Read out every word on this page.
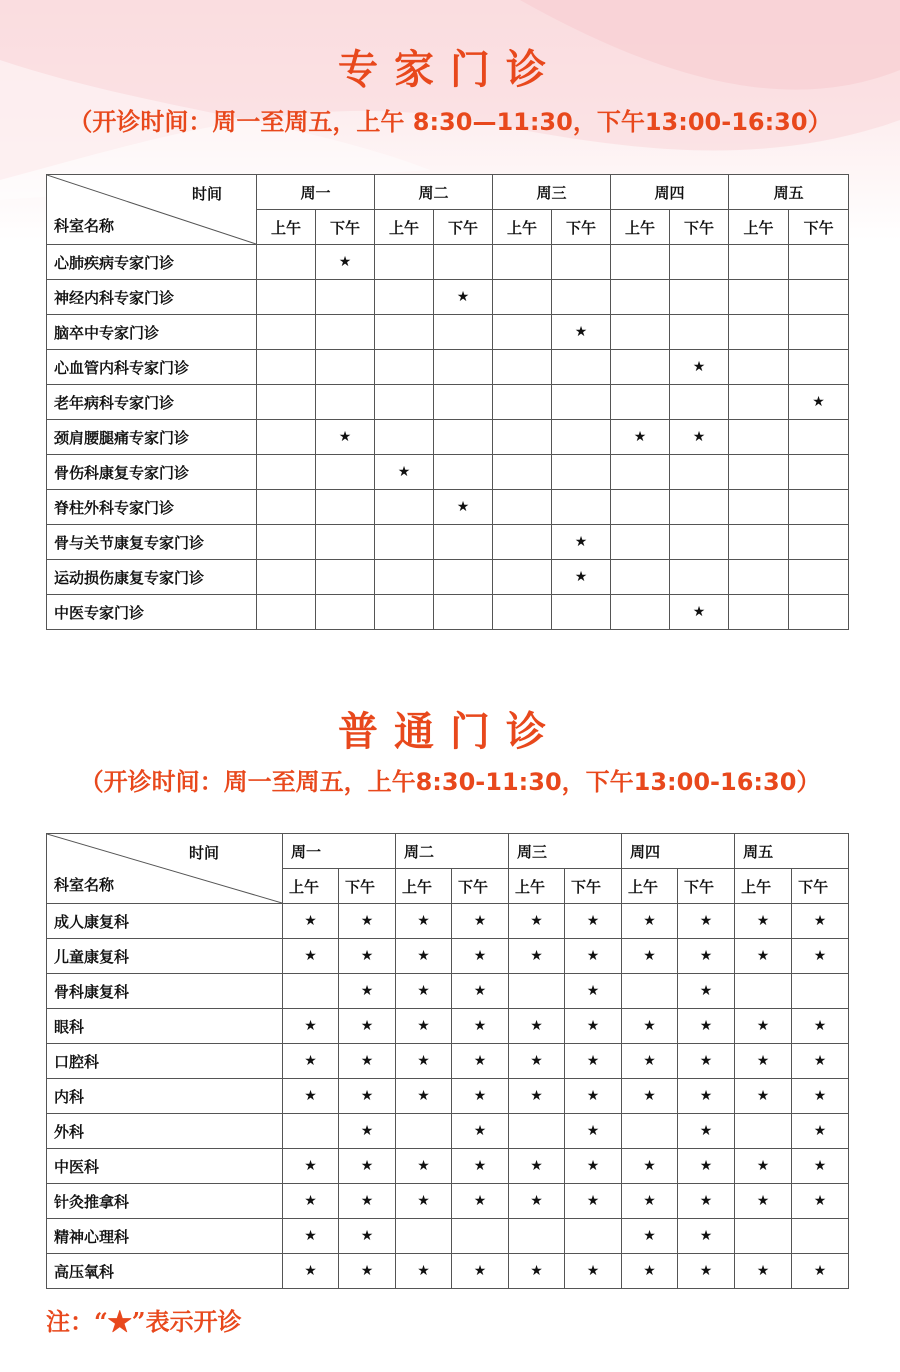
专家门诊
（开诊时间：周一至周五，上午 8:30—11:30，下午13:00-16:30）
时间
科室名称	周一		周二		周三		周四		周五	
	上午	下午	上午	下午	上午	下午	上午	下午	上午	下午
心肺疾病专家门诊		★								
神经内科专家门诊				★						
脑卒中专家门诊						★				
心血管内科专家门诊								★		
老年病科专家门诊										★
颈肩腰腿痛专家门诊		★					★	★		
骨伤科康复专家门诊			★							
脊柱外科专家门诊				★						
骨与关节康复专家门诊						★				
运动损伤康复专家门诊						★				
中医专家门诊								★		
普通门诊
（开诊时间：周一至周五，上午8:30-11:30，下午13:00-16:30）
时间
科室名称	周一		周二		周三		周四		周五	
	上午	下午	上午	下午	上午	下午	上午	下午	上午	下午
成人康复科	★	★	★	★	★	★	★	★	★	★
儿童康复科	★	★	★	★	★	★	★	★	★	★
骨科康复科		★	★	★		★		★		
眼科	★	★	★	★	★	★	★	★	★	★
口腔科	★	★	★	★	★	★	★	★	★	★
内科	★	★	★	★	★	★	★	★	★	★
外科		★		★		★		★		★
中医科	★	★	★	★	★	★	★	★	★	★
针灸推拿科	★	★	★	★	★	★	★	★	★	★
精神心理科	★	★					★	★		
高压氧科	★	★	★	★	★	★	★	★	★	★
注：“★”表示开诊
